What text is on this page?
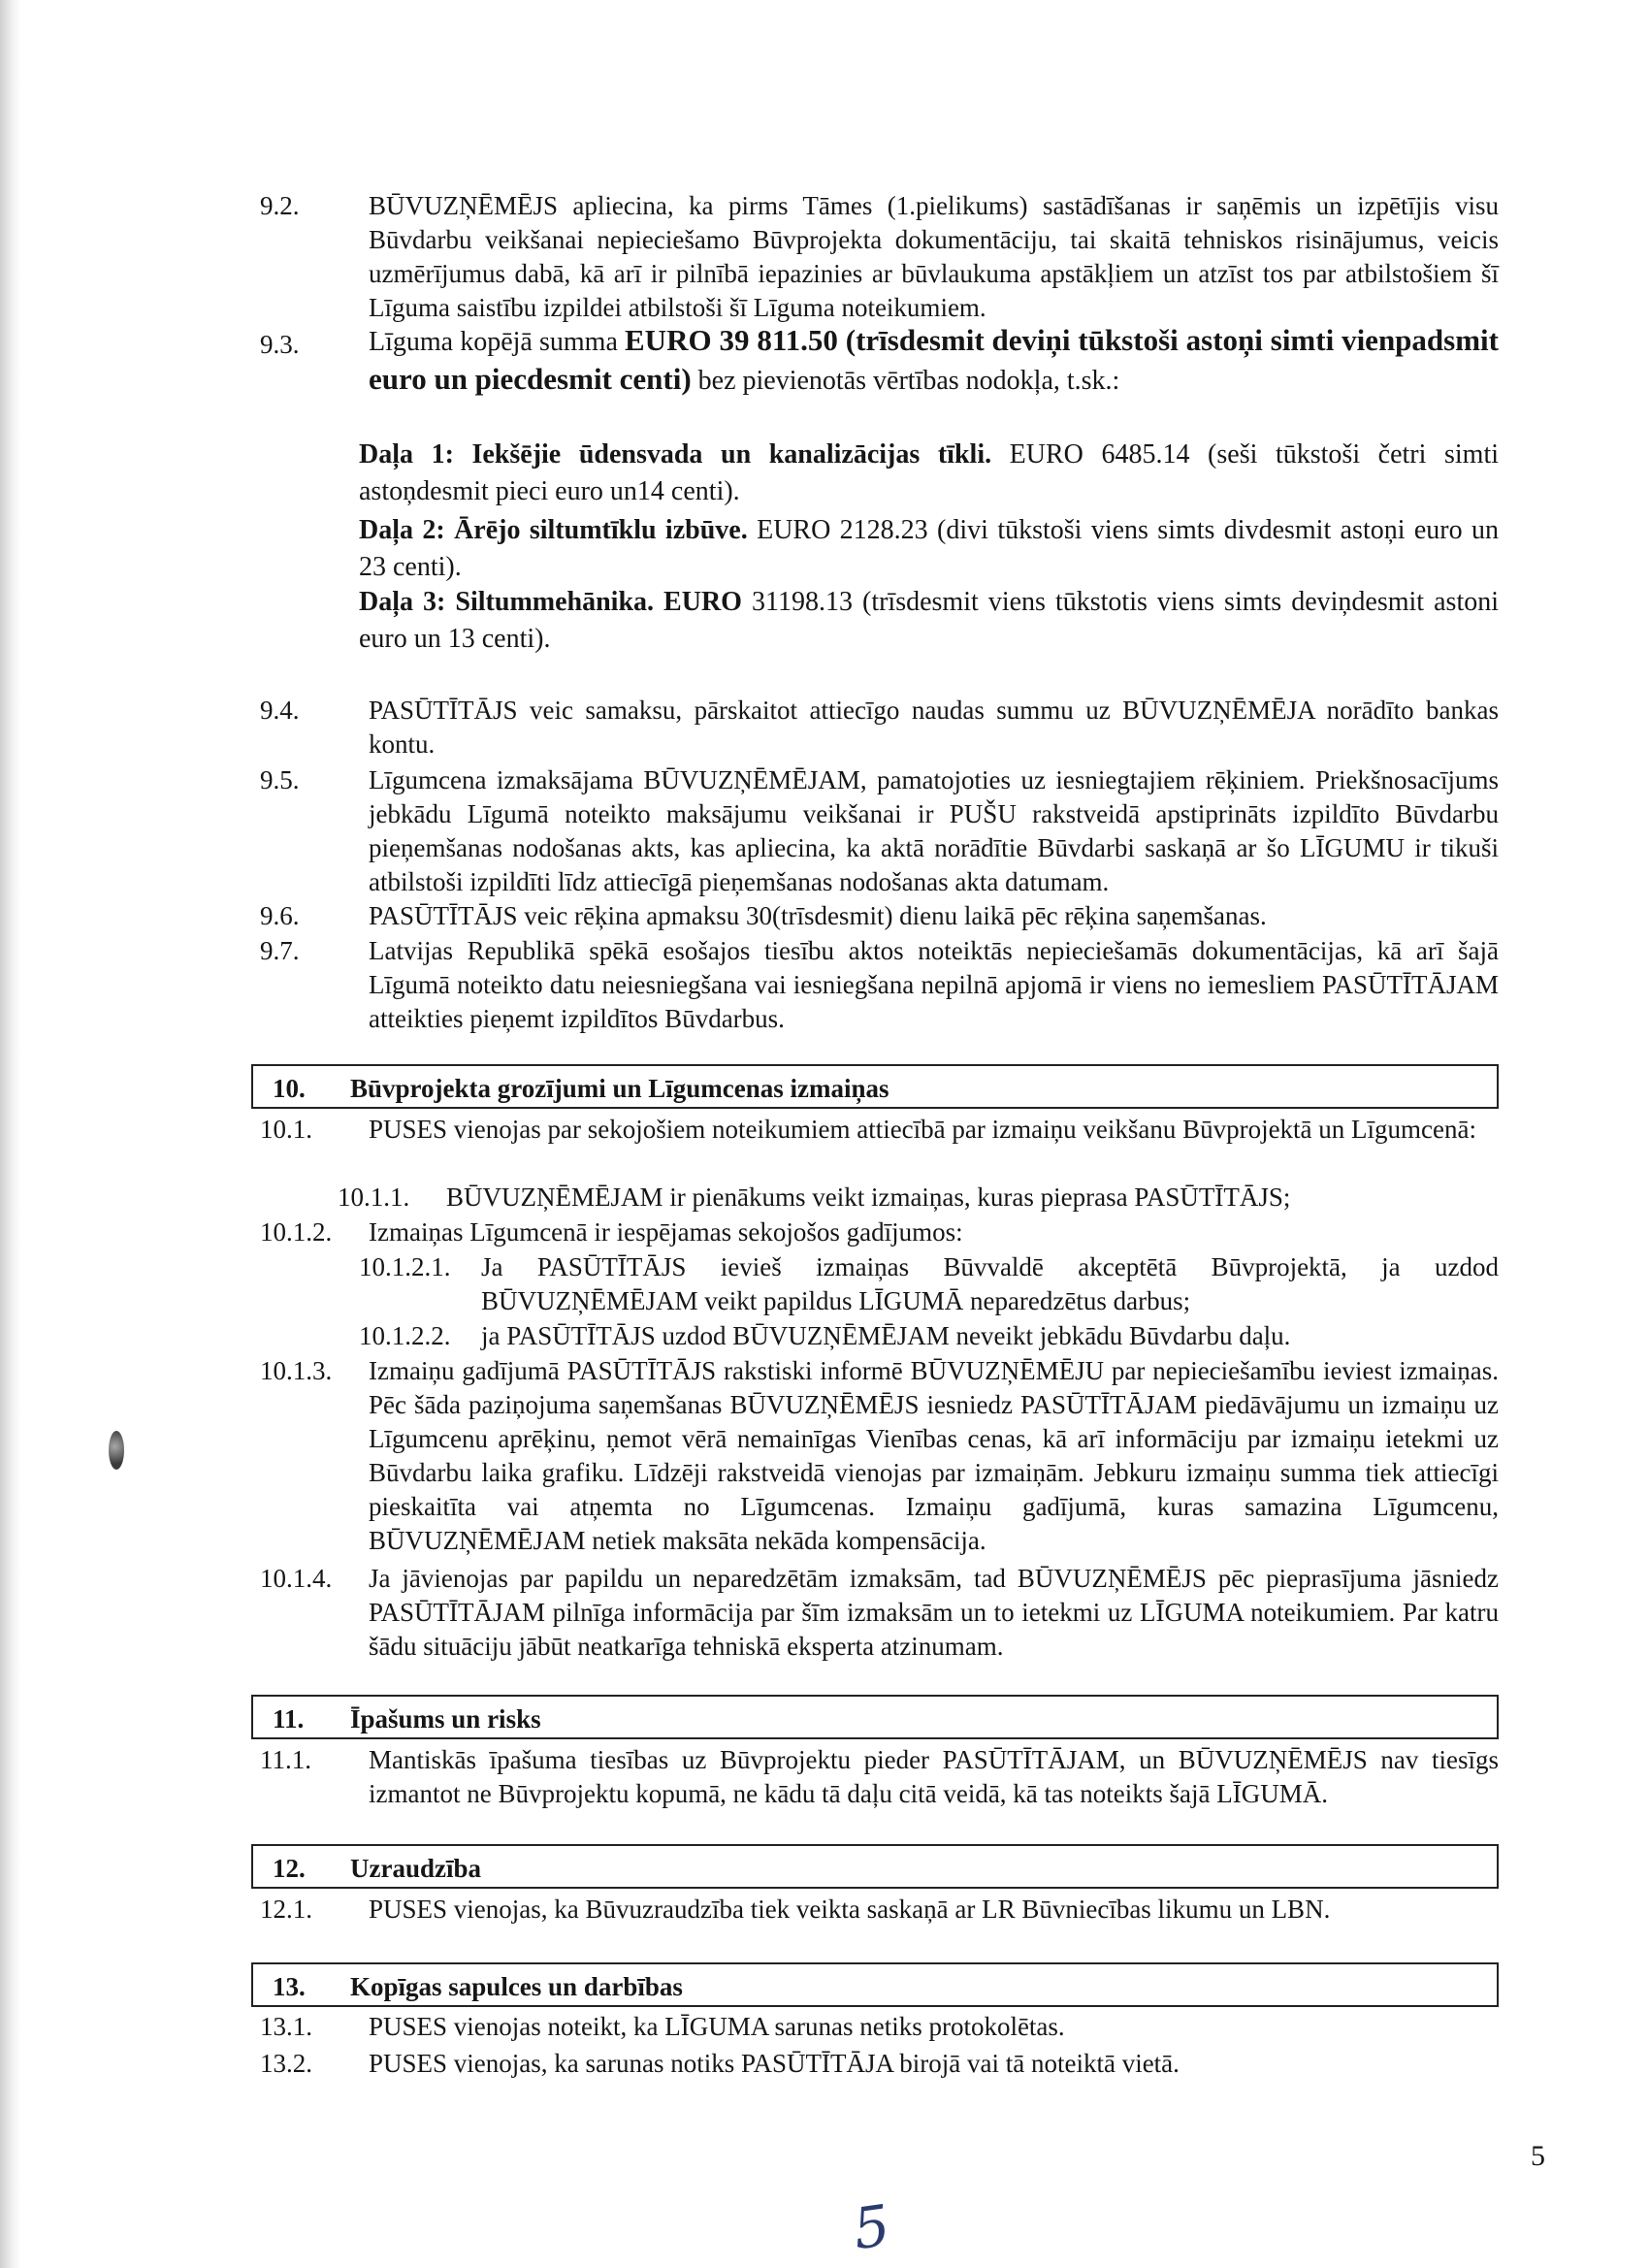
9.2.	BŪVUZŅĒMĒJS apliecina, ka pirms Tāmes (1.pielikums) sastādīšanas ir saņēmis un izpētījis visu Būvdarbu veikšanai nepieciešamo Būvprojekta dokumentāciju, tai skaitā tehniskos risinājumus, veicis uzmērījumus dabā, kā arī ir pilnībā iepazinies ar būvlaukuma apstākļiem un atzīst tos par atbilstošiem šī Līguma saistību izpildei atbilstoši šī Līguma noteikumiem.
9.3.	Līguma kopējā summa EURO 39 811.50 (trīsdesmit deviņi tūkstoši astoņi simti vienpadsmit euro un piecdesmit centi) bez pievienotās vērtības nodokļa, t.sk.:
Daļa 1: Iekšējie ūdensvada un kanalizācijas tīkli. EURO 6485.14 (seši tūkstoši četri simti astoņdesmit pieci euro un14 centi).
Daļa 2: Ārējo siltumtīklu izbūve. EURO 2128.23 (divi tūkstoši viens simts divdesmit astoņi euro un 23 centi).
Daļa 3: Siltummehānika. EURO 31198.13 (trīsdesmit viens tūkstotis viens simts deviņdesmit astoni euro un 13 centi).
9.4.	PASŪTĪTĀJS veic samaksu, pārskaitot attiecīgo naudas summu uz BŪVUZŅĒMĒJA norādīto bankas kontu.
9.5.	Līgumcena izmaksājama BŪVUZŅĒMĒJAM, pamatojoties uz iesniegtajiem rēķiniem. Priekšnosacījums jebkādu Līgumā noteikto maksājumu veikšanai ir PUŠU rakstveidā apstiprināts izpildīto Būvdarbu pieņemšanas nodošanas akts, kas apliecina, ka aktā norādītie Būvdarbi saskaņā ar šo LĪGUMU ir tikuši atbilstoši izpildīti līdz attiecīgā pieņemšanas nodošanas akta datumam.
9.6.	PASŪTĪTĀJS veic rēķina apmaksu 30(trīsdesmit) dienu laikā pēc rēķina saņemšanas.
9.7.	Latvijas Republikā spēkā esošajos tiesību aktos noteiktās nepieciešamās dokumentācijas, kā arī šajā Līgumā noteikto datu neiesniegšana vai iesniegšana nepilnā apjomā ir viens no iemesliem PASŪTĪTĀJAM atteikties pieņemt izpildītos Būvdarbus.
10. Būvprojekta grozījumi un Līgumcenas izmaiņas
10.1. PUSES vienojas par sekojošiem noteikumiem attiecībā par izmaiņu veikšanu Būvprojektā un Līgumcenā:
10.1.1. BŪVUZŅĒMĒJAM ir pienākums veikt izmaiņas, kuras pieprasa PASŪTĪTĀJS;
10.1.2. Izmaiņas Līgumcenā ir iespējamas sekojošos gadījumos:
10.1.2.1. Ja PASŪTĪTĀJS ievieš izmaiņas Būvvaldē akceptētā Būvprojektā, ja uzdod BŪVUZŅĒMĒJAM veikt papildus LĪGUMĀ neparedzētus darbus;
10.1.2.2. ja PASŪTĪTĀJS uzdod BŪVUZŅĒMĒJAM neveikt jebkādu Būvdarbu daļu.
10.1.3. Izmaiņu gadījumā PASŪTĪTĀJS rakstiski informē BŪVUZŅĒMĒJU par nepieciešamību ieviest izmaiņas. Pēc šāda paziņojuma saņemšanas BŪVUZŅĒMĒJS iesniedz PASŪTĪTĀJAM piedāvājumu un izmaiņu uz Līgumcenu aprēķinu, ņemot vērā nemainīgas Vienības cenas, kā arī informāciju par izmaiņu ietekmi uz Būvdarbu laika grafiku. Līdzēji rakstveidā vienojas par izmaiņām. Jebkuru izmaiņu summa tiek attiecīgi pieskaitīta vai atņemta no Līgumcenas. Izmaiņu gadījumā, kuras samazina Līgumcenu, BŪVUZŅĒMĒJAM netiek maksāta nekāda kompensācija.
10.1.4. Ja jāvienojas par papildu un neparedzētām izmaksām, tad BŪVUZŅĒMĒJS pēc pieprasījuma jāsniedz PASŪTĪTĀJAM pilnīga informācija par šīm izmaksām un to ietekmi uz LĪGUMA noteikumiem. Par katru šādu situāciju jābūt neatkarīga tehniskā eksperta atzinumam.
11. Īpašums un risks
11.1. Mantiskās īpašuma tiesības uz Būvprojektu pieder PASŪTĪTĀJAM, un BŪVUZŅĒMĒJS nav tiesīgs izmantot ne Būvprojektu kopumā, ne kādu tā daļu citā veidā, kā tas noteikts šajā LĪGUMĀ.
12. Uzraudzība
12.1. PUSES vienojas, ka Būvuzraudzība tiek veikta saskaņā ar LR Būvniecības likumu un LBN.
13. Kopīgas sapulces un darbības
13.1. PUSES vienojas noteikt, ka LĪGUMA sarunas netiks protokolētas.
13.2. PUSES vienojas, ka sarunas notiks PASŪTĪTĀJA birojā vai tā noteiktā vietā.
5
5
